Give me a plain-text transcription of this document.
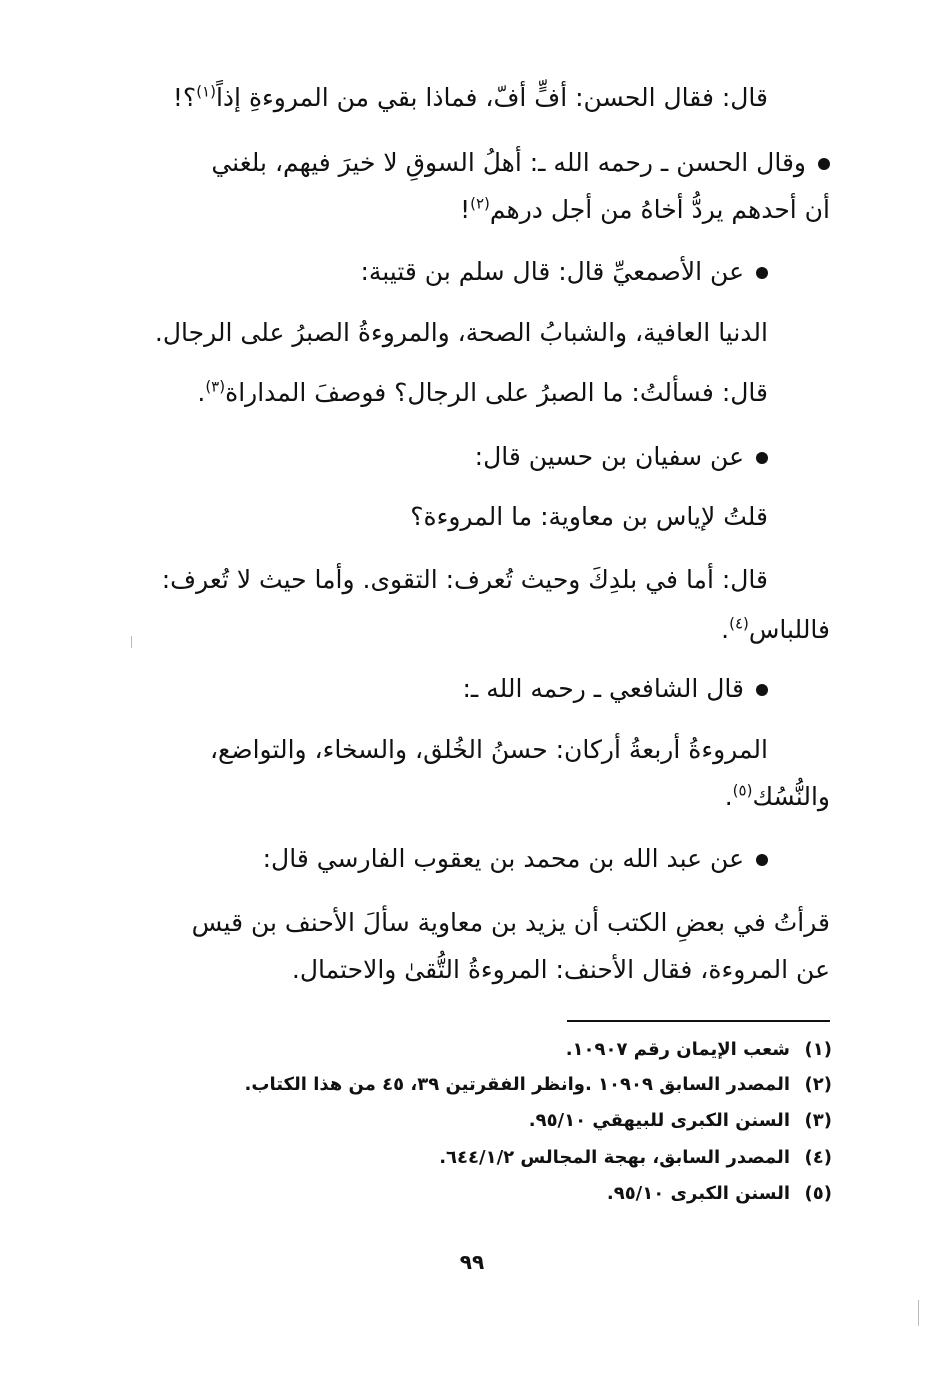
قال: فقال الحسن: أفٍّ أفّ، فماذا بقي من المروءةِ إذاً$^{(١)}$؟!
وقال الحسن ـ رحمه الله ـ: أهلُ السوقِ لا خيرَ فيهم، بلغني
أن أحدهم يردُّ أخاهُ من أجل درهم$^{(٢)}$!
عن الأصمعيِّ قال: قال سلم بن قتيبة:
الدنيا العافية، والشبابُ الصحة، والمروءةُ الصبرُ على الرجال.
قال: فسألتُ: ما الصبرُ على الرجال؟ فوصفَ المداراة$^{(٣)}$.
عن سفيان بن حسين قال:
قلتُ لإياس بن معاوية: ما المروءة؟
قال: أما في بلدِكَ وحيث تُعرف: التقوى. وأما حيث لا تُعرف:
فاللباس$^{(٤)}$.
قال الشافعي ـ رحمه الله ـ:
المروءةُ أربعةُ أركان: حسنُ الخُلق، والسخاء، والتواضع،
والنُّسُك$^{(٥)}$.
عن عبد الله بن محمد بن يعقوب الفارسي قال:
قرأتُ في بعضِ الكتب أن يزيد بن معاوية سألَ الأحنف بن قيس
عن المروءة، فقال الأحنف: المروءةُ التُّقىٰ والاحتمال.
(١)شعب الإيمان رقم ١٠٩٠٧.
(٢)المصدر السابق ١٠٩٠٩ .وانظر الفقرتين ٣٩، ٤٥ من هذا الكتاب.
(٣)السنن الكبرى للبيهقي ٩٥/١٠.
(٤)المصدر السابق، بهجة المجالس ٦٤٤/١/٢.
(٥)السنن الكبرى ٩٥/١٠.
٩٩
